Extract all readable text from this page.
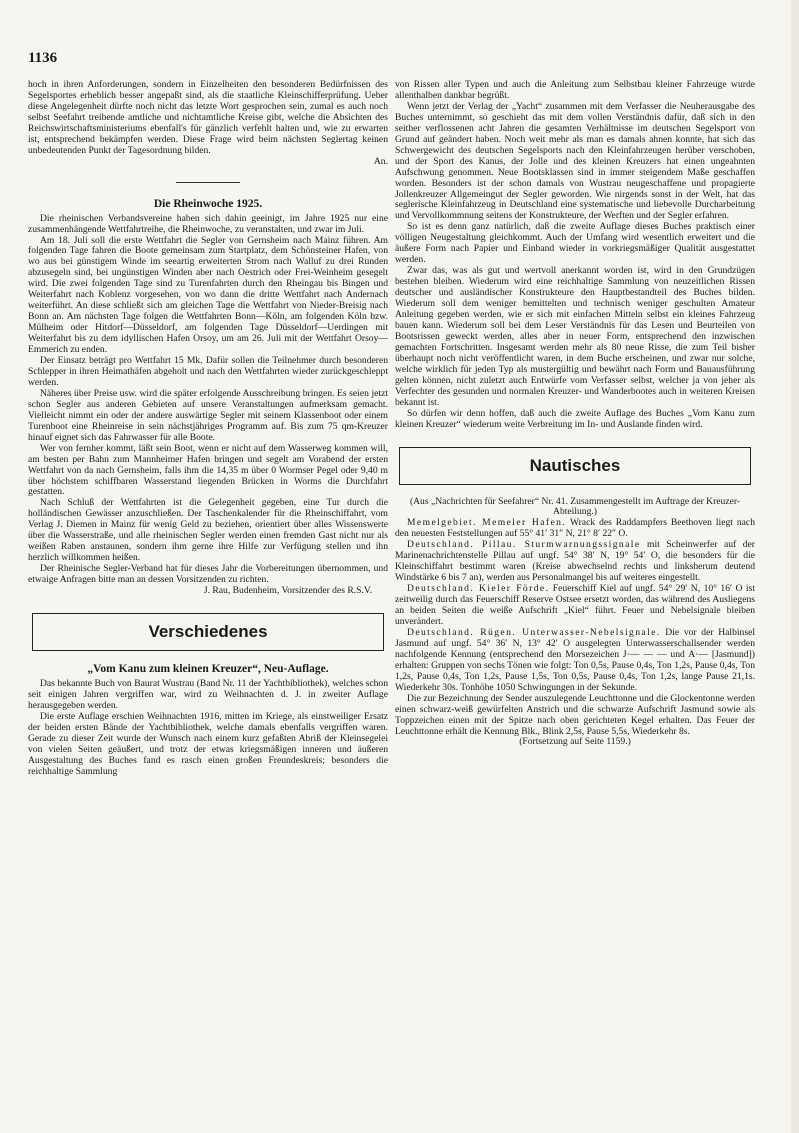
1136

hoch in ihren Anforderungen, sondern in Einzelheiten den besonderen Bedürfnissen des Segelsportes erheblich besser angepaßt sind, als die staatliche Kleinschifferprüfung. Ueber diese Angelegenheit dürfte noch nicht das letzte Wort gesprochen sein, zumal es auch noch selbst Seefahrt treibende amtliche und nichtamtliche Kreise gibt, welche die Absichten des Reichswirtschaftsministeriums ebenfall's für gänzlich verfehlt halten und, wie zu erwarten ist, entsprechend bekämpfen werden. Diese Frage wird beim nächsten Seglertag keinen unbedeutenden Punkt der Tagesordnung bilden.

An.

Die Rheinwoche 1925.

Die rheinischen Verbandsvereine haben sich dahin geeinigt, im Jahre 1925 nur eine zusammenhängende Wettfahrtreihe, die Rheinwoche, zu veranstalten, und zwar im Juli.

Am 18. Juli soll die erste Wettfahrt die Segler von Gernsheim nach Mainz führen. Am folgenden Tage fahren die Boote gemeinsam zum Startplatz, dem Schönsteiner Hafen, von wo aus bei günstigem Winde im seeartig erweiterten Strom nach Walluf zu drei Runden abzusegeln sind, bei ungünstigen Winden aber nach Oestrich oder Frei-Weinheim gesegelt wird. Die zwei folgenden Tage sind zu Turenfahrten durch den Rheingau bis Bingen und Weiterfahrt nach Koblenz vorgesehen, von wo dann die dritte Wettfahrt nach Andernach weiterführt. An diese schließt sich am gleichen Tage die Wettfahrt von Nieder-Breisig nach Bonn an. Am nächsten Tage folgen die Wettfahrten Bonn—Köln, am folgenden Köln bzw. Mülheim oder Hitdorf—Düsseldorf, am folgenden Tage Düsseldorf—Uerdingen mit Weiterfahrt bis zu dem idyllischen Hafen Orsoy, um am 26. Juli mit der Wettfahrt Orsoy—Emmerich zu enden.

Der Einsatz beträgt pro Wettfahrt 15 Mk. Dafür sollen die Teilnehmer durch besonderen Schlepper in ihren Heimathäfen abgeholt und nach den Wettfahrten wieder zurückgeschleppt werden.

Näheres über Preise usw. wird die später erfolgende Ausschreibung bringen. Es seien jetzt schon Segler aus anderen Gebieten auf unsere Veranstaltungen aufmerksam gemacht. Vielleicht nimmt ein oder der andere auswärtige Segler mit seinem Klassenboot oder einem Turenboot eine Rheinreise in sein nächstjähriges Programm auf. Bis zum 75 qm-Kreuzer hinauf eignet sich das Fahrwasser für alle Boote.

Wer von fernher kommt, läßt sein Boot, wenn er nicht auf dem Wasserweg kommen will, am besten per Bahn zum Mannheimer Hafen bringen und segelt am Vorabend der ersten Wettfahrt von da nach Gernsheim, falls ihm die 14,35 m über 0 Wormser Pegel oder 9,40 m über höchstem schiffbaren Wasserstand liegenden Brücken in Worms die Durchfahrt gestatten.

Nach Schluß der Wettfahrten ist die Gelegenheit gegeben, eine Tur durch die holländischen Gewässer anzuschließen. Der Taschenkalender für die Rheinschiffahrt, vom Verlag J. Diemen in Mainz für wenig Geld zu beziehen, orientiert über alles Wissenswerte über die Wasserstraße, und alle rheinischen Segler werden einen fremden Gast nicht nur als weißen Raben anstaunen, sondern ihm gerne ihre Hilfe zur Verfügung stellen und ihn herzlich willkommen heißen.

Der Rheinische Segler-Verband hat für dieses Jahr die Vorbereitungen übernommen, und etwaige Anfragen bitte man an dessen Vorsitzenden zu richten.

J. Rau, Budenheim, Vorsitzender des R.S.V.

Verschiedenes
„Vom Kanu zum kleinen Kreuzer“, Neu-Auflage.

Das bekannte Buch von Baurat Wustrau (Band Nr. 11 der Yachtbibliothek), welches schon seit einigen Jahren vergriffen war, wird zu Weihnachten d. J. in zweiter Auflage herausgegeben werden.

Die erste Auflage erschien Weihnachten 1916, mitten im Kriege, als einstweiliger Ersatz der beiden ersten Bände der Yachtbibliothek, welche damals ebenfalls vergriffen waren. Gerade zu dieser Zeit wurde der Wunsch nach einem kurz gefaßten Abriß der Kleinsegelei von vielen Seiten geäußert, und trotz der etwas kriegsmäßigen inneren und äußeren Ausgestaltung des Buches fand es rasch einen großen Freundeskreis; besonders die reichhaltige Sammlung

von Rissen aller Typen und auch die Anleitung zum Selbstbau kleiner Fahrzeuge wurde allenthalben dankbar begrüßt.

Wenn jetzt der Verlag der „Yacht“ zusammen mit dem Verfasser die Neuherausgabe des Buches unternimmt, so geschieht das mit dem vollen Verständnis dafür, daß sich in den seither verflossenen acht Jahren die gesamten Verhältnisse im deutschen Segelsport von Grund auf geändert haben. Noch weit mehr als man es damals ahnen konnte, hat sich das Schwergewicht des deutschen Segelsports nach den Kleinfahrzeugen herüber verschoben, und der Sport des Kanus, der Jolle und des kleinen Kreuzers hat einen ungeahnten Aufschwung genommen. Neue Bootsklassen sind in immer steigendem Maße geschaffen worden. Besonders ist der schon damals von Wustrau neugeschaffene und propagierte Jollenkreuzer Allgemeingut der Segler geworden. Wie nirgends sonst in der Welt, hat das seglerische Kleinfahrzeug in Deutschland eine systematische und liebevolle Durcharbeitung und Vervollkommnung seitens der Konstrukteure, der Werften und der Segler erfahren.

So ist es denn ganz natürlich, daß die zweite Auflage dieses Buches praktisch einer völligen Neugestaltung gleichkommt. Auch der Umfang wird wesentlich erweitert und die äußere Form nach Papier und Einband wieder in vorkriegsmäßiger Qualität ausgestattet werden.

Zwar das, was als gut und wertvoll anerkannt worden ist, wird in den Grundzügen bestehen bleiben. Wiederum wird eine reichhaltige Sammlung von neuzeitlichen Rissen deutscher und ausländischer Konstrukteure den Hauptbestandteil des Buches bilden. Wiederum soll dem weniger bemittelten und technisch weniger geschulten Amateur Anleitung gegeben werden, wie er sich mit einfachen Mitteln selbst ein kleines Fahrzeug bauen kann. Wiederum soll bei dem Leser Verständnis für das Lesen und Beurteilen von Bootsrissen geweckt werden, alles aber in neuer Form, entsprechend den inzwischen gemachten Fortschritten. Insgesamt werden mehr als 80 neue Risse, die zum Teil bisher überhaupt noch nicht veröffentlicht waren, in dem Buche erscheinen, und zwar nur solche, welche wirklich für jeden Typ als mustergültig und bewährt nach Form und Bauausführung gelten können, nicht zuletzt auch Entwürfe vom Verfasser selbst, welcher ja von jeher als Verfechter des gesunden und normalen Kreuzer- und Wanderbootes auch in weiteren Kreisen bekannt ist.

So dürfen wir denn hoffen, daß auch die zweite Auflage des Buches „Vom Kanu zum kleinen Kreuzer“ wiederum weite Verbreitung im In- und Auslande finden wird.

Nautisches

(Aus „Nachrichten für Seefahrer“ Nr. 41. Zusammengestellt im Auftrage der Kreuzer-Abteilung.)

Memelgebiet. Memeler Hafen. Wrack des Raddampfers Beethoven liegt nach den neuesten Feststellungen auf 55° 41′ 31″ N, 21° 8′ 22″ O.

Deutschland. Pillau. Sturmwarnungssignale mit Scheinwerfer auf der Marinenachrichtenstelle Pillau auf ungf. 54° 38′ N, 19° 54′ O, die besonders für die Kleinschiffahrt bestimmt waren (Kreise abwechselnd rechts und linksherum deutend Windstärke 6 bis 7 an), werden aus Personalmangel bis auf weiteres eingestellt.

Deutschland. Kieler Förde. Feuerschiff Kiel auf ungf. 54° 29′ N, 10° 16′ O ist zeitweilig durch das Feuerschiff Reserve Ostsee ersetzt worden, das während des Ausliegens an beiden Seiten die weiße Aufschrift „Kiel“ führt. Feuer und Nebelsignale bleiben unverändert.

Deutschland. Rügen. Unterwasser-Nebelsignale. Die vor der Halbinsel Jasmund auf ungf. 54° 36′ N, 13° 42′ O ausgelegten Unterwasserschallsender werden nachfolgende Kennung (entsprechend den Morsezeichen J·— — — und A·— [Jasmund]) erhalten: Gruppen von sechs Tönen wie folgt: Ton 0,5s, Pause 0,4s, Ton 1,2s, Pause 0,4s, Ton 1,2s, Pause 0,4s, Ton 1,2s, Pause 1,5s, Ton 0,5s, Pause 0,4s, Ton 1,2s, lange Pause 21,1s. Wiederkehr 30s. Tonhöhe 1050 Schwingungen in der Sekunde.

Die zur Bezeichnung der Sender auszulegende Leuchttonne und die Glockentonne werden einen schwarz-weiß gewürfelten Anstrich und die schwarze Aufschrift Jasmund sowie als Toppzeichen einen mit der Spitze nach oben gerichteten Kegel erhalten. Das Feuer der Leuchttonne erhält die Kennung Blk., Blink 2,5s, Pause 5,5s, Wiederkehr 8s.

(Fortsetzung auf Seite 1159.)
